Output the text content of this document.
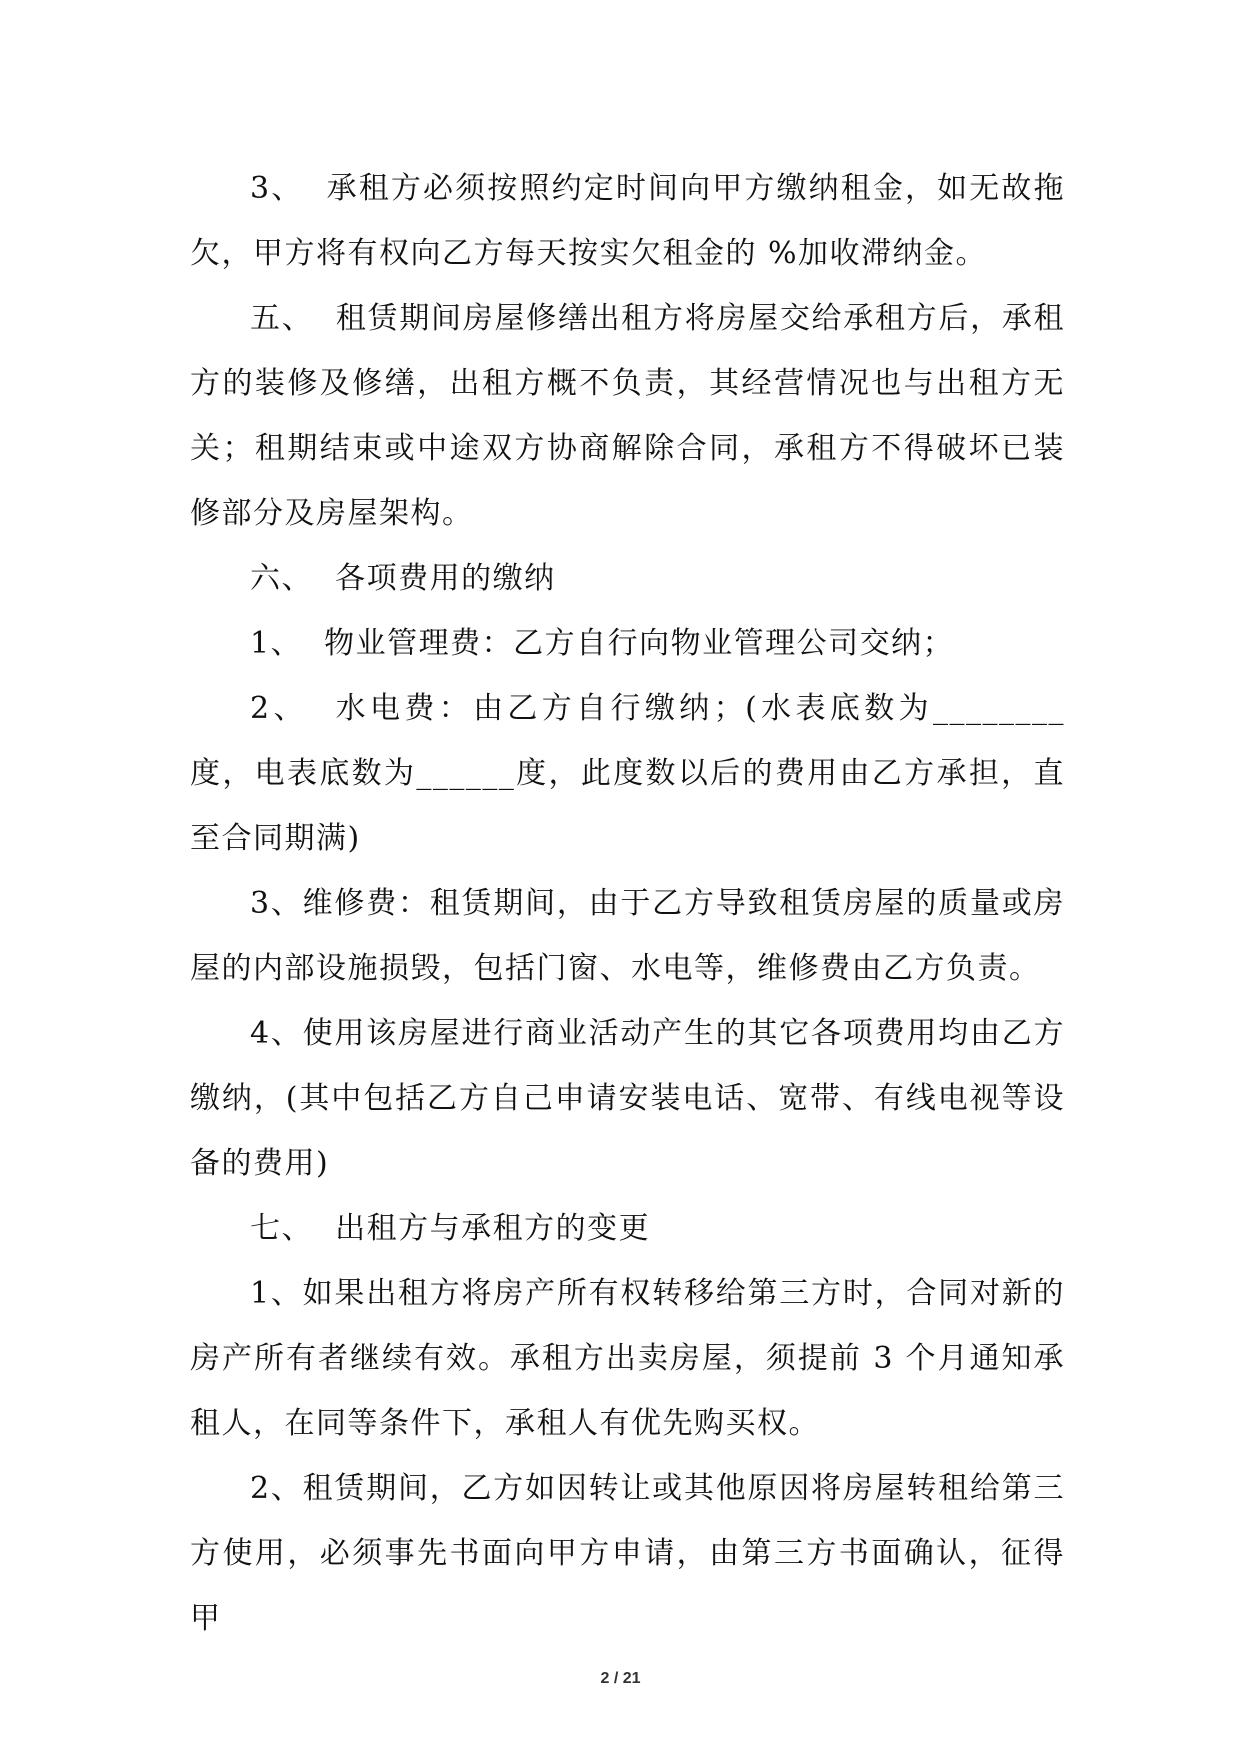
3、  承租方必须按照约定时间向甲方缴纳租金，如无故拖欠，甲方将有权向乙方每天按实欠租金的 %加收滞纳金。

五、  租赁期间房屋修缮出租方将房屋交给承租方后，承租方的装修及修缮，出租方概不负责，其经营情况也与出租方无关；租期结束或中途双方协商解除合同，承租方不得破坏已装修部分及房屋架构。

六、  各项费用的缴纳

1、  物业管理费：乙方自行向物业管理公司交纳；

2、  水电费：由乙方自行缴纳；(水表底数为________度，电表底数为______度，此度数以后的费用由乙方承担，直至合同期满)

3、维修费：租赁期间，由于乙方导致租赁房屋的质量或房屋的内部设施损毁，包括门窗、水电等，维修费由乙方负责。

4、使用该房屋进行商业活动产生的其它各项费用均由乙方缴纳，(其中包括乙方自己申请安装电话、宽带、有线电视等设备的费用)

七、  出租方与承租方的变更

1、如果出租方将房产所有权转移给第三方时，合同对新的房产所有者继续有效。承租方出卖房屋，须提前 3 个月通知承租人，在同等条件下，承租人有优先购买权。

2、租赁期间，乙方如因转让或其他原因将房屋转租给第三方使用，必须事先书面向甲方申请，由第三方书面确认，征得甲

2 / 21
